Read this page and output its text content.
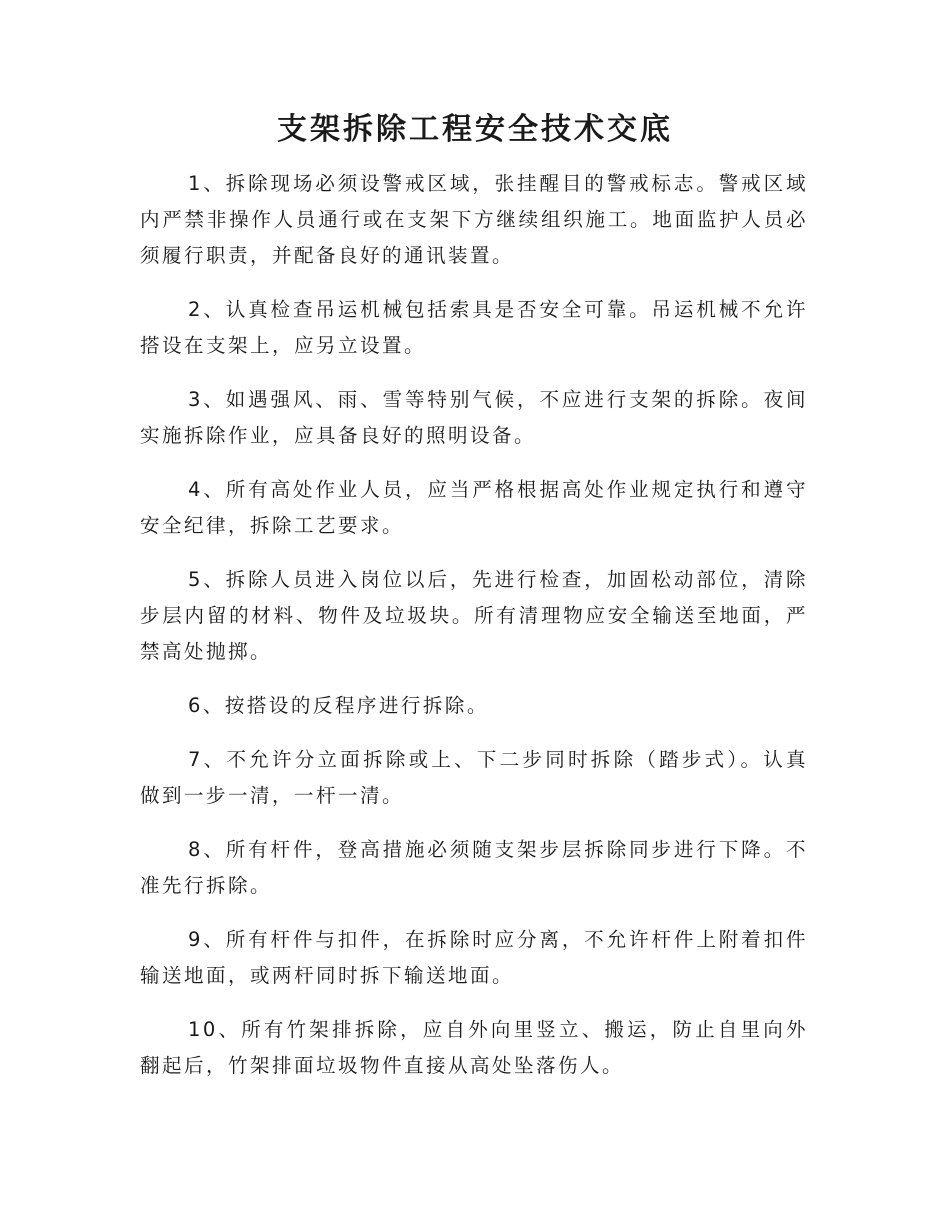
支架拆除工程安全技术交底

1、拆除现场必须设警戒区域，张挂醒目的警戒标志。警戒区域内严禁非操作人员通行或在支架下方继续组织施工。地面监护人员必须履行职责，并配备良好的通讯装置。

2、认真检查吊运机械包括索具是否安全可靠。吊运机械不允许搭设在支架上，应另立设置。

3、如遇强风、雨、雪等特别气候，不应进行支架的拆除。夜间实施拆除作业，应具备良好的照明设备。

4、所有高处作业人员，应当严格根据高处作业规定执行和遵守安全纪律，拆除工艺要求。

5、拆除人员进入岗位以后，先进行检查，加固松动部位，清除步层内留的材料、物件及垃圾块。所有清理物应安全输送至地面，严禁高处抛掷。

6、按搭设的反程序进行拆除。

7、不允许分立面拆除或上、下二步同时拆除（踏步式）。认真做到一步一清，一杆一清。

8、所有杆件，登高措施必须随支架步层拆除同步进行下降。不准先行拆除。

9、所有杆件与扣件，在拆除时应分离，不允许杆件上附着扣件输送地面，或两杆同时拆下输送地面。

10、所有竹架排拆除，应自外向里竖立、搬运，防止自里向外翻起后，竹架排面垃圾物件直接从高处坠落伤人。
